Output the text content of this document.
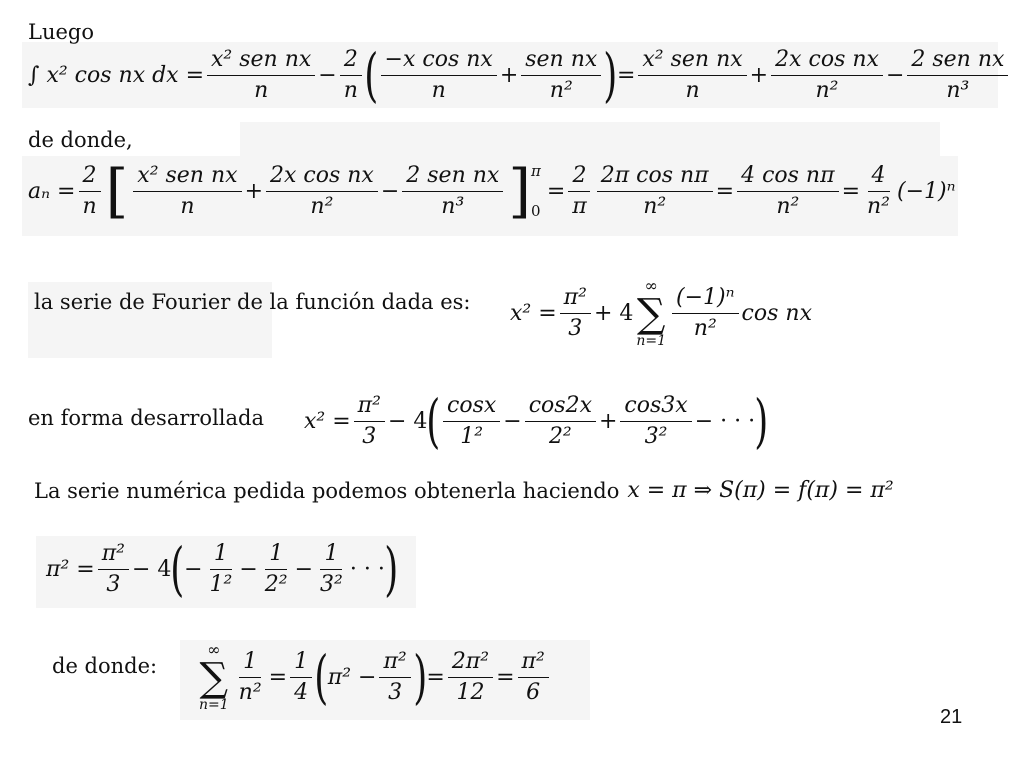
Luego
∫ x² cos nx dx = $\frac{\text{x² sen nx}}{n} - \frac{2}{n}$ ( $\frac{\text{−x cos nx}}{n} + \frac{\text{sen nx}}{\text{n²}}$ ) = $\frac{\text{x² sen nx}}{n} + \frac{\text{2x cos nx}}{\text{n²}} - \frac{\text{2 sen nx}}{\text{n³}}$
de donde,
$a_n = \frac{2}{n}$ [ $\frac{\text{x² sen nx}}{n} + \frac{\text{2x cos nx}}{\text{n²}} - \frac{\text{2 sen nx}}{\text{n³}}$ ] π
0
= $\frac{2}{\pi} \frac{\text{2π cos nπ}}{\text{n²}} = \frac{\text{4 cos nπ}}{\text{n²}} = \frac{4}{\text{n²}} (-1)^n$
la serie de Fourier de la función dada es: $x^2 = \frac{\text{π²}}{3} + 4$
∞
∑
n=1
$\frac{\text{(−1)ⁿ}}{\text{n²}}$ cos nx
en forma desarrollada $x^2 = \frac{\text{π²}}{3} - 4$ ( $\frac{\cos x}{\text{1²}} - \frac{\cos 2x}{\text{2²}} + \frac{\cos 3x}{\text{3²}}$ − · · · )
La serie numérica pedida podemos obtenerla haciendo x = π ⇒ S(π) = f(π) = π²
$\pi^2 = \frac{\text{π²}}{3} - 4$ ( − $\frac{1}{\text{1²}} - \frac{1}{\text{2²}} - \frac{1}{\text{3²}}$ · · · )
de donde:
∞
∑
n=1
$\frac{1}{\text{n²}} = \frac{1}{4}$ ( $\pi^2 - \frac{\text{π²}}{3}$ ) = $\frac{\text{2π²}}{12} = \frac{\text{π²}}{6}$
21
